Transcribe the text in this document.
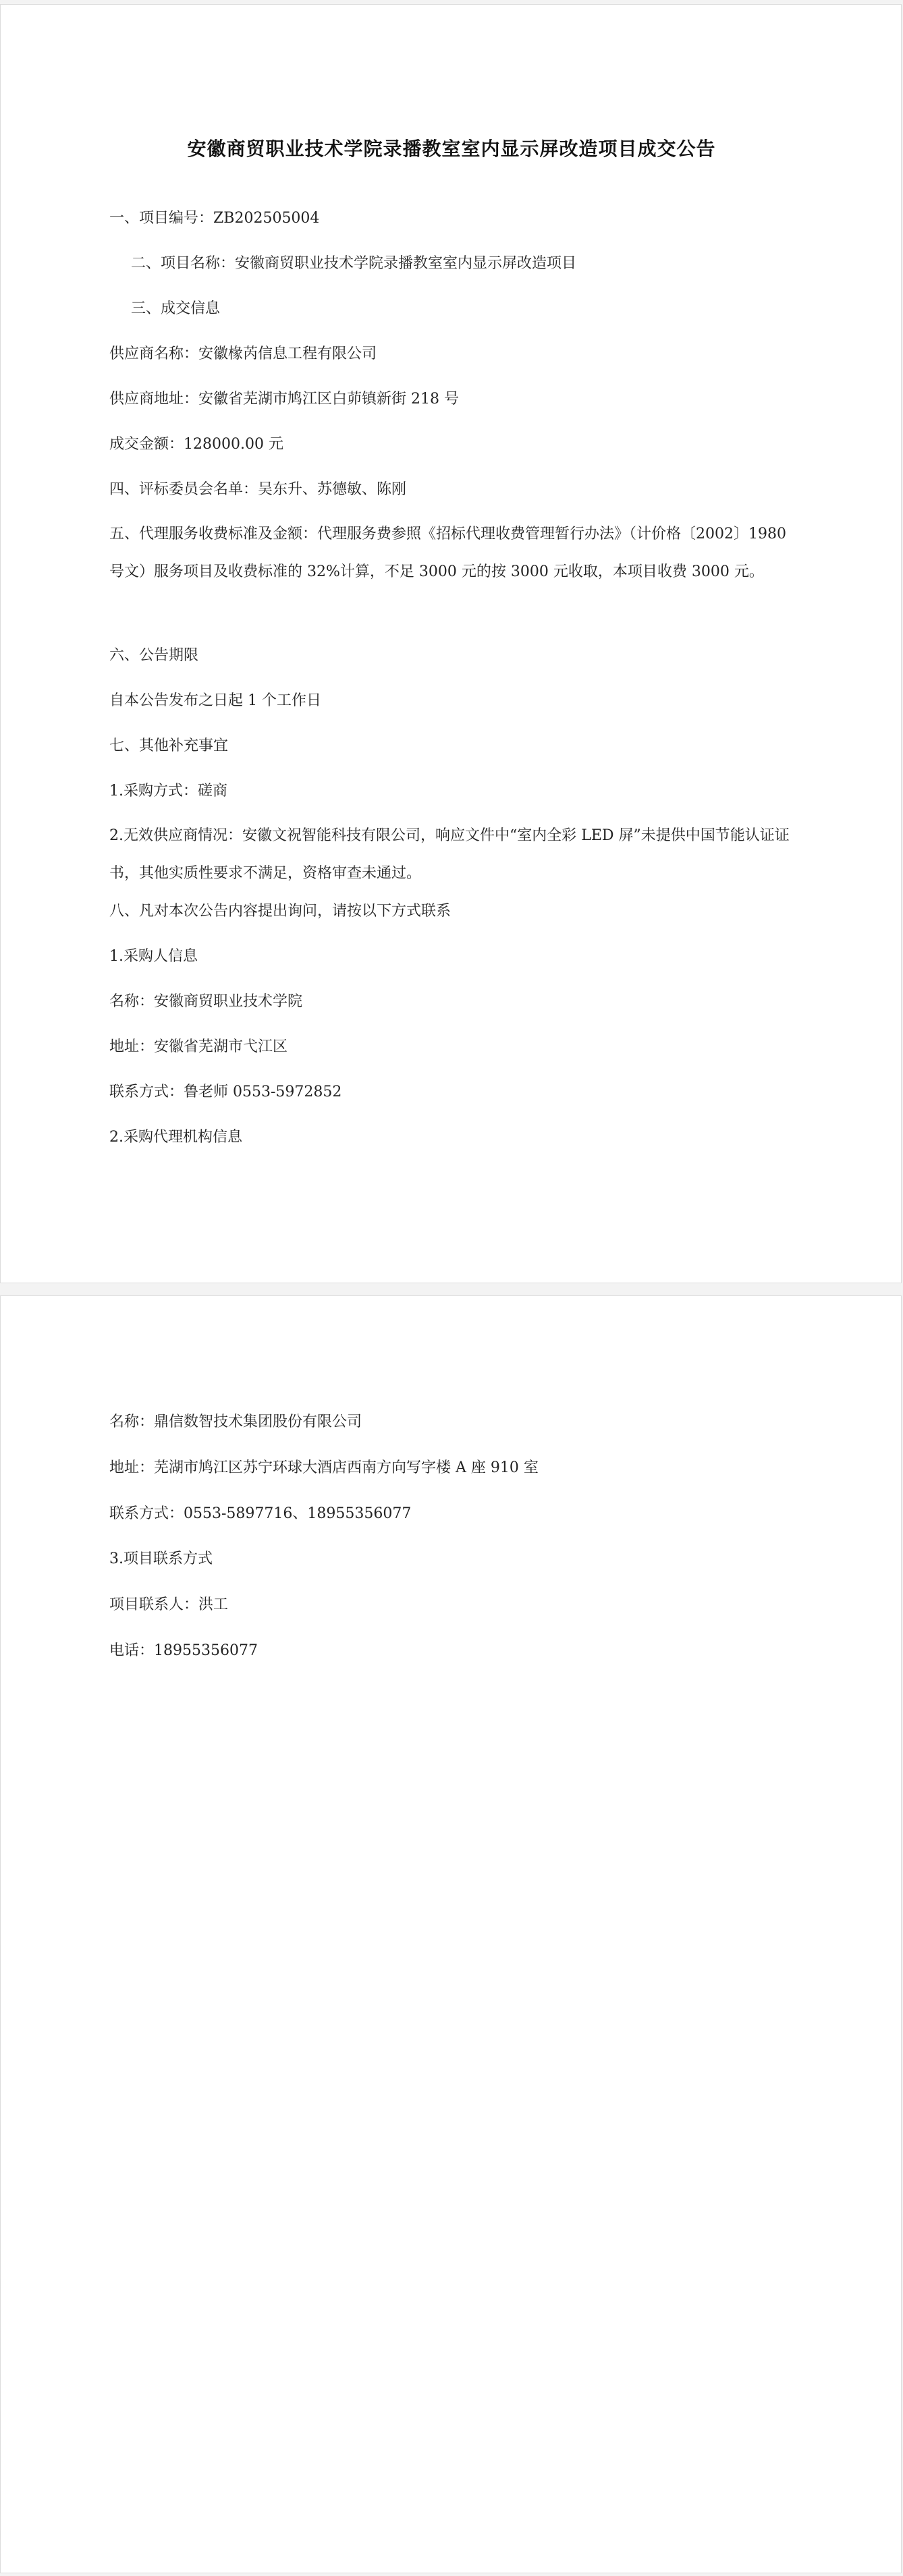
安徽商贸职业技术学院录播教室室内显示屏改造项目成交公告
一、项目编号：ZB202505004
二、项目名称：安徽商贸职业技术学院录播教室室内显示屏改造项目
三、成交信息
供应商名称：安徽椽芮信息工程有限公司
供应商地址：安徽省芜湖市鸠江区白茆镇新街 218 号
成交金额：128000.00 元
四、评标委员会名单：吴东升、苏德敏、陈刚
五、代理服务收费标准及金额：代理服务费参照《招标代理收费管理暂行办法》（计价格〔2002〕1980 号文）服务项目及收费标准的 32%计算，不足 3000 元的按 3000 元收取，本项目收费 3000 元。
六、公告期限
自本公告发布之日起 1 个工作日
七、其他补充事宜
1.采购方式：磋商
2.无效供应商情况：安徽文祝智能科技有限公司，响应文件中“室内全彩 LED 屏”未提供中国节能认证证书，其他实质性要求不满足，资格审查未通过。
八、凡对本次公告内容提出询问，请按以下方式联系
1.采购人信息
名称：安徽商贸职业技术学院
地址：安徽省芜湖市弋江区
联系方式：鲁老师 0553-5972852
2.采购代理机构信息
名称：鼎信数智技术集团股份有限公司
地址：芜湖市鸠江区苏宁环球大酒店西南方向写字楼 A 座 910 室
联系方式：0553-5897716、18955356077
3.项目联系方式
项目联系人：洪工
电话：18955356077
